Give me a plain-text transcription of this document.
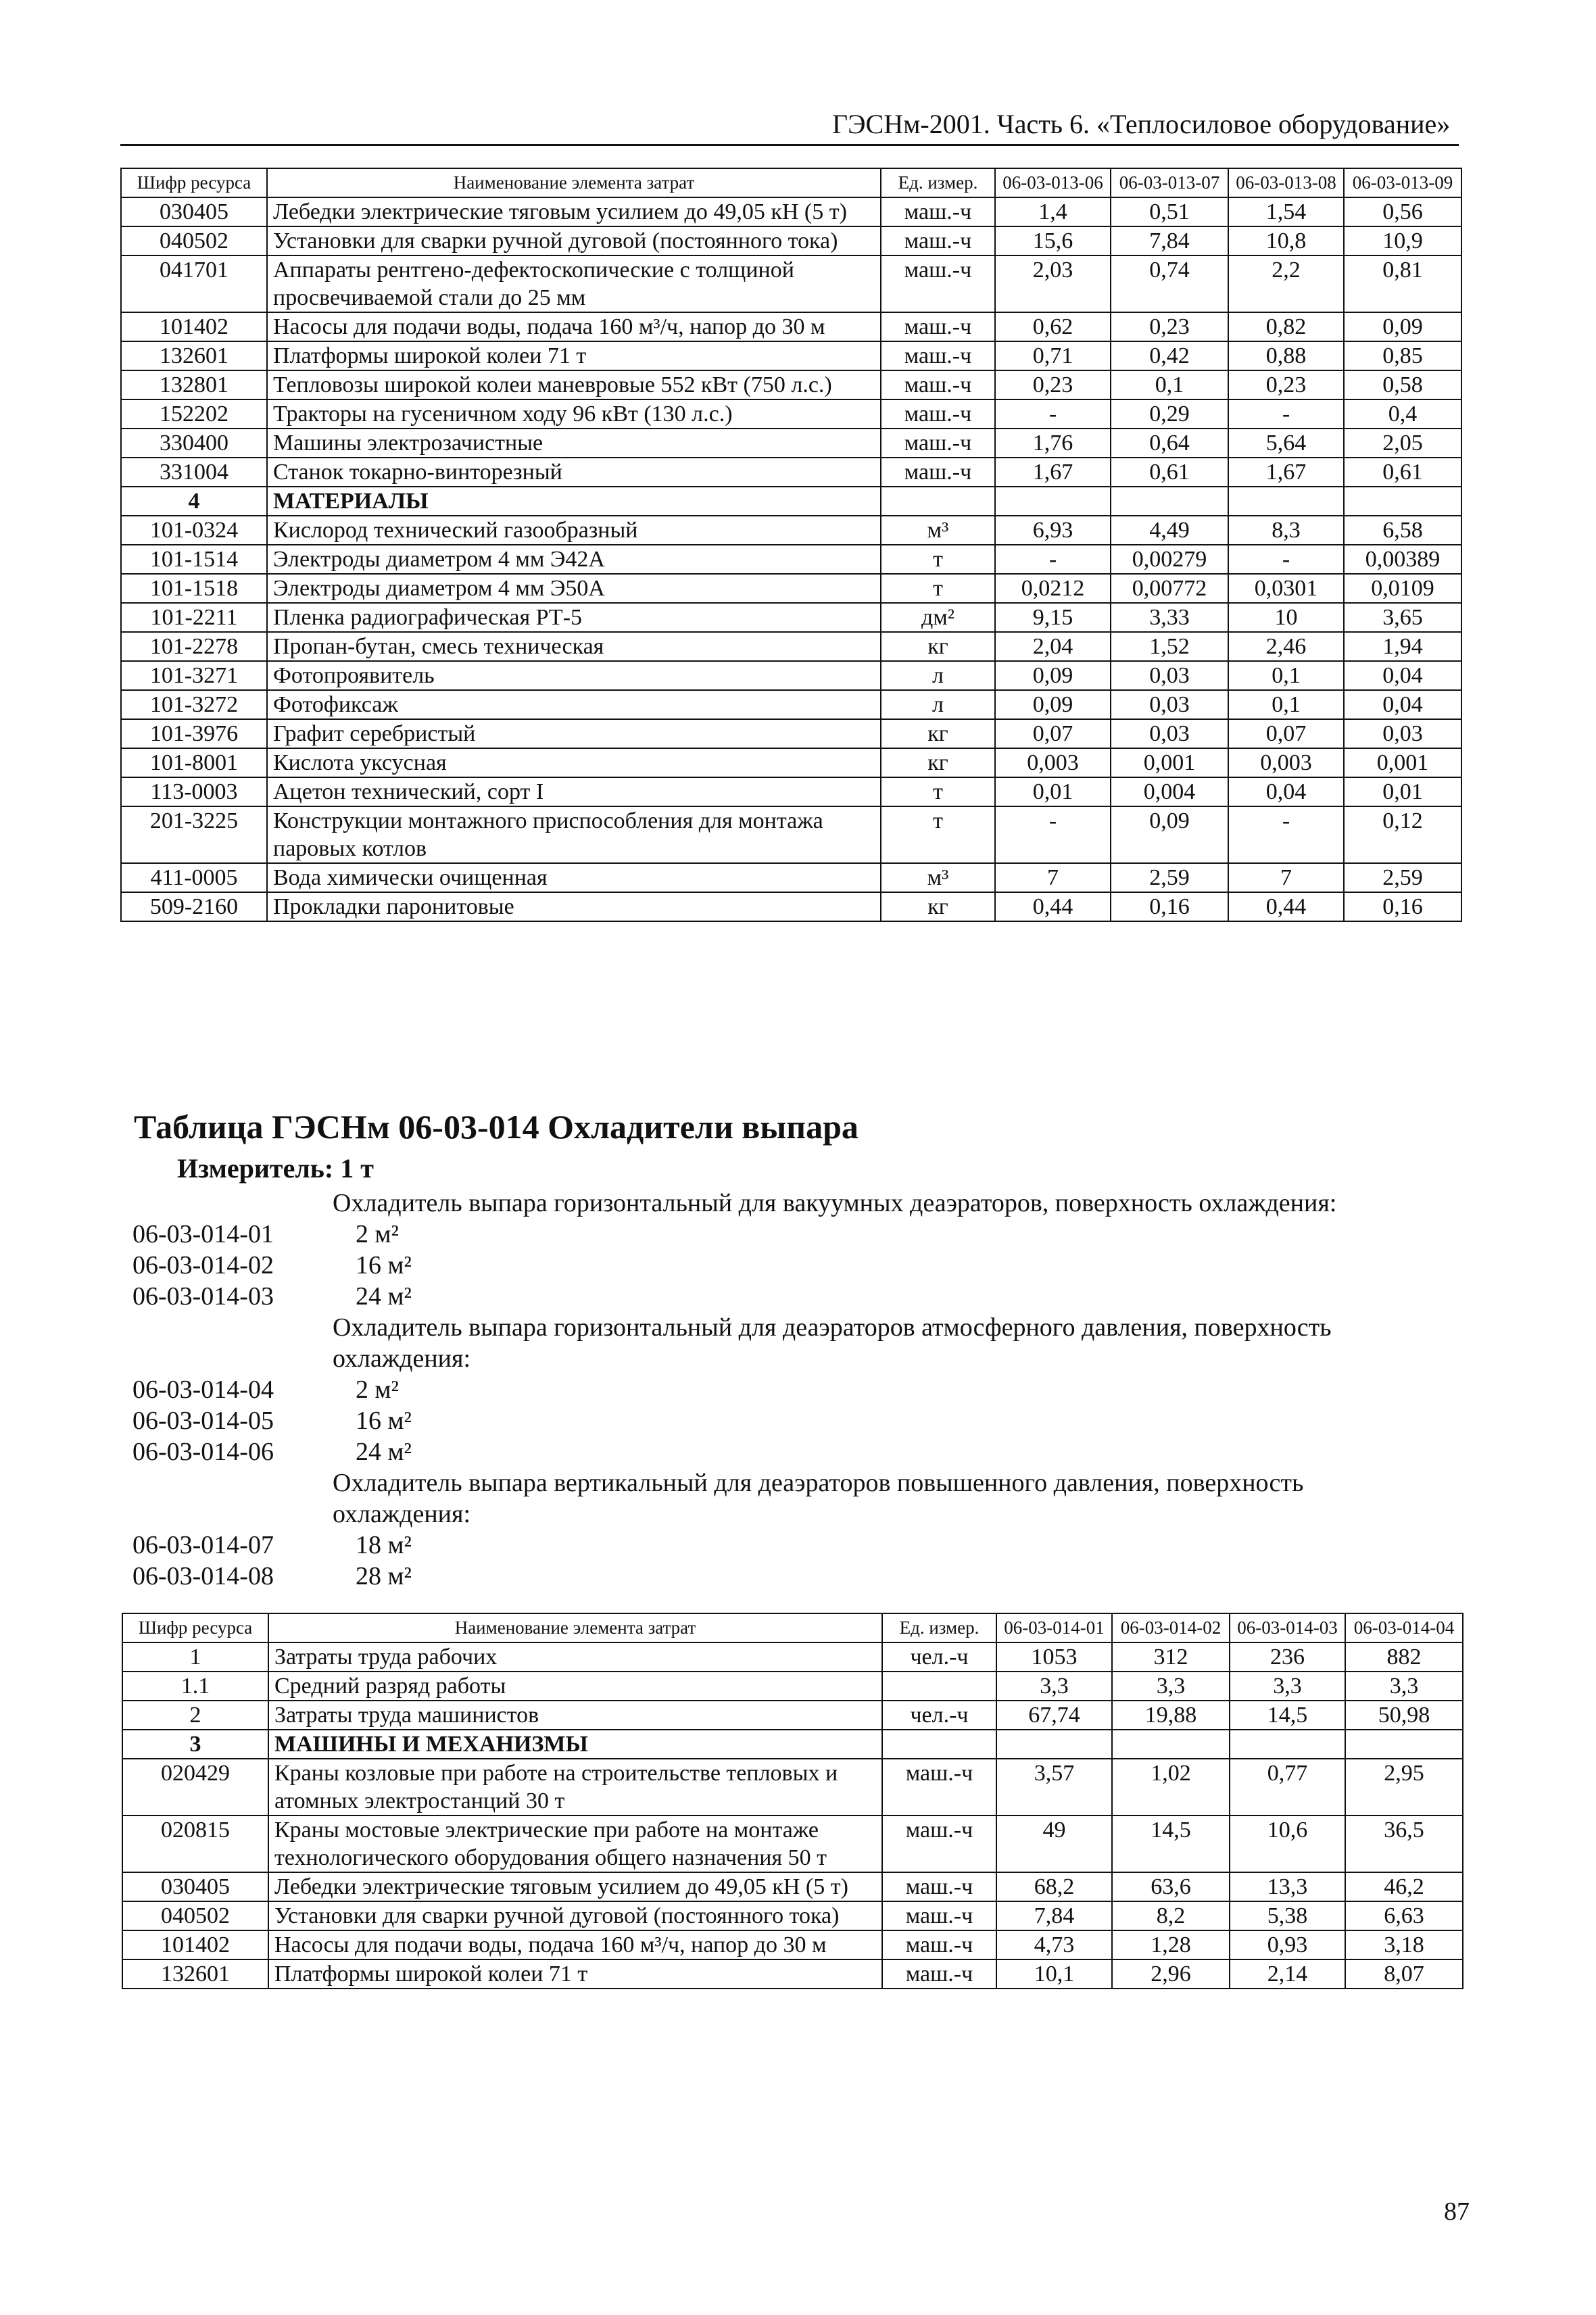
ГЭСНм-2001. Часть 6. «Теплосиловое оборудование»
Шифр ресурса	Наименование элемента затрат	Ед. измер.	06-03-013-06	06-03-013-07	06-03-013-08	06-03-013-09
030405	Лебедки электрические тяговым усилием до 49,05 кН (5 т)	маш.-ч	1,4	0,51	1,54	0,56
040502	Установки для сварки ручной дуговой (постоянного тока)	маш.-ч	15,6	7,84	10,8	10,9
041701	Аппараты рентгено-дефектоскопические с толщиной просвечиваемой стали до 25 мм	маш.-ч	2,03	0,74	2,2	0,81
101402	Насосы для подачи воды, подача 160 м³/ч, напор до 30 м	маш.-ч	0,62	0,23	0,82	0,09
132601	Платформы широкой колеи 71 т	маш.-ч	0,71	0,42	0,88	0,85
132801	Тепловозы широкой колеи маневровые 552 кВт (750 л.с.)	маш.-ч	0,23	0,1	0,23	0,58
152202	Тракторы на гусеничном ходу 96 кВт (130 л.с.)	маш.-ч	-	0,29	-	0,4
330400	Машины электрозачистные	маш.-ч	1,76	0,64	5,64	2,05
331004	Станок токарно-винторезный	маш.-ч	1,67	0,61	1,67	0,61
4	МАТЕРИАЛЫ					
101-0324	Кислород технический газообразный	м³	6,93	4,49	8,3	6,58
101-1514	Электроды диаметром 4 мм Э42А	т	-	0,00279	-	0,00389
101-1518	Электроды диаметром 4 мм Э50А	т	0,0212	0,00772	0,0301	0,0109
101-2211	Пленка радиографическая РТ-5	дм²	9,15	3,33	10	3,65
101-2278	Пропан-бутан, смесь техническая	кг	2,04	1,52	2,46	1,94
101-3271	Фотопроявитель	л	0,09	0,03	0,1	0,04
101-3272	Фотофиксаж	л	0,09	0,03	0,1	0,04
101-3976	Графит серебристый	кг	0,07	0,03	0,07	0,03
101-8001	Кислота уксусная	кг	0,003	0,001	0,003	0,001
113-0003	Ацетон технический, сорт I	т	0,01	0,004	0,04	0,01
201-3225	Конструкции монтажного приспособления для монтажа паровых котлов	т	-	0,09	-	0,12
411-0005	Вода химически очищенная	м³	7	2,59	7	2,59
509-2160	Прокладки паронитовые	кг	0,44	0,16	0,44	0,16
Таблица ГЭСНм 06-03-014 Охладители выпара
Измеритель: 1 т
Охладитель выпара горизонтальный для вакуумных деаэраторов, поверхность охлаждения:
06-03-014-01	2 м²
06-03-014-02	16 м²
06-03-014-03	24 м²
Охладитель выпара горизонтальный для деаэраторов атмосферного давления, поверхность
охлаждения:
06-03-014-04	2 м²
06-03-014-05	16 м²
06-03-014-06	24 м²
Охладитель выпара вертикальный для деаэраторов повышенного давления, поверхность
охлаждения:
06-03-014-07	18 м²
06-03-014-08	28 м²
Шифр ресурса	Наименование элемента затрат	Ед. измер.	06-03-014-01	06-03-014-02	06-03-014-03	06-03-014-04
1	Затраты труда рабочих	чел.-ч	1053	312	236	882
1.1	Средний разряд работы		3,3	3,3	3,3	3,3
2	Затраты труда машинистов	чел.-ч	67,74	19,88	14,5	50,98
3	МАШИНЫ И МЕХАНИЗМЫ					
020429	Краны козловые при работе на строительстве тепловых и атомных электростанций 30 т	маш.-ч	3,57	1,02	0,77	2,95
020815	Краны мостовые электрические при работе на монтаже технологического оборудования общего назначения 50 т	маш.-ч	49	14,5	10,6	36,5
030405	Лебедки электрические тяговым усилием до 49,05 кН (5 т)	маш.-ч	68,2	63,6	13,3	46,2
040502	Установки для сварки ручной дуговой (постоянного тока)	маш.-ч	7,84	8,2	5,38	6,63
101402	Насосы для подачи воды, подача 160 м³/ч, напор до 30 м	маш.-ч	4,73	1,28	0,93	3,18
132601	Платформы широкой колеи 71 т	маш.-ч	10,1	2,96	2,14	8,07
87
